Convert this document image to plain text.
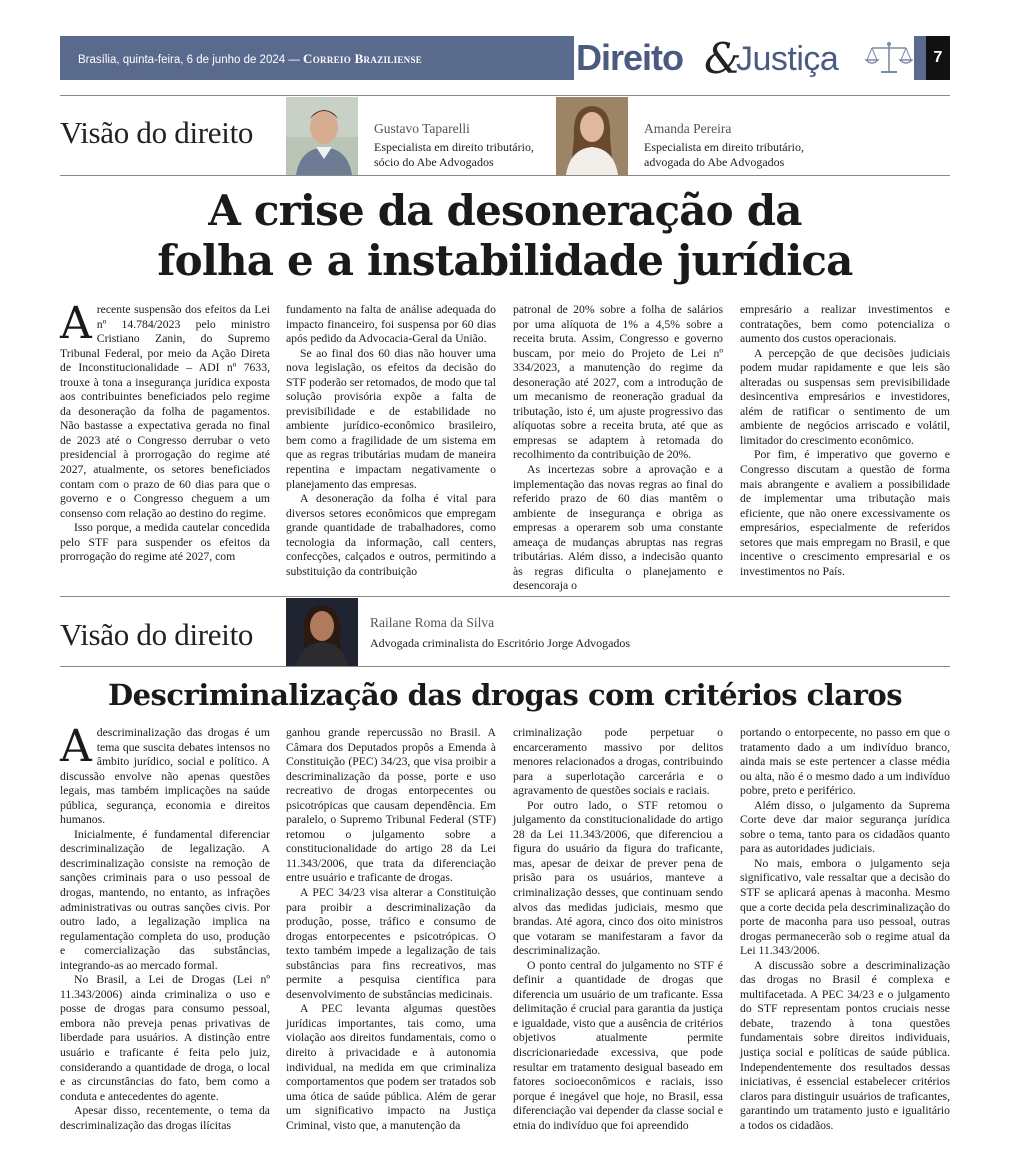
Brasília, quinta-feira, 6 de junho de 2024 — Correio Braziliense	Direito &
Justiça	7
Visão do direito	Gustavo Taparelli
Especialista em direito tributário,
sócio do Abe Advogados
Amanda Pereira
Especialista em direito tributário,
advogada do Abe Advogados
A crise da desoneração da
folha e a instabilidade jurídica

A recente suspensão dos efeitos da Lei nº 14.784/2023 pelo ministro Cristiano Zanin, do Supremo Tribunal Federal, por meio da Ação Direta de Inconstitucionalidade – ADI nº 7633, trouxe à tona a insegurança jurídica exposta aos contribuintes beneficiados pelo regime da desoneração da folha de pagamentos. Não bastasse a expectativa gerada no final de 2023 até o Congresso derrubar o veto presidencial à prorrogação do regime até 2027, atualmente, os setores beneficiados contam com o prazo de 60 dias para que o governo e o Congresso cheguem a um consenso com relação ao destino do regime.

Isso porque, a medida cautelar concedida pelo STF para suspender os efeitos da prorrogação do regime até 2027, com

fundamento na falta de análise adequada do impacto financeiro, foi suspensa por 60 dias após pedido da Advocacia-Geral da União.

Se ao final dos 60 dias não houver uma nova legislação, os efeitos da decisão do STF poderão ser retomados, de modo que tal solução provisória expõe a falta de previsibilidade e de estabilidade no ambiente jurídico-econômico brasileiro, bem como a fragilidade de um sistema em que as regras tributárias mudam de maneira repentina e impactam negativamente o planejamento das empresas.

A desoneração da folha é vital para diversos setores econômicos que empregam grande quantidade de trabalhadores, como tecnologia da informação, call centers, confecções, calçados e outros, permitindo a substituição da contribuição

patronal de 20% sobre a folha de salários por uma alíquota de 1% a 4,5% sobre a receita bruta. Assim, Congresso e governo buscam, por meio do Projeto de Lei nº 334/2023, a manutenção do regime da desoneração até 2027, com a introdução de um mecanismo de reoneração gradual da tributação, isto é, um ajuste progressivo das alíquotas sobre a receita bruta, até que as empresas se adaptem à retomada do recolhimento da contribuição de 20%.

As incertezas sobre a aprovação e a implementação das novas regras ao final do referido prazo de 60 dias mantêm o ambiente de insegurança e obriga as empresas a operarem sob uma constante ameaça de mudanças abruptas nas regras tributárias. Além disso, a indecisão quanto às regras dificulta o planejamento e desencoraja o

empresário a realizar investimentos e contratações, bem como potencializa o aumento dos custos operacionais.

A percepção de que decisões judiciais podem mudar rapidamente e que leis são alteradas ou suspensas sem previsibilidade desincentiva empresários e investidores, além de ratificar o sentimento de um ambiente de negócios arriscado e volátil, limitador do crescimento econômico.

Por fim, é imperativo que governo e Congresso discutam a questão de forma mais abrangente e avaliem a possibilidade de implementar uma tributação mais eficiente, que não onere excessivamente os empresários, especialmente de referidos setores que mais empregam no Brasil, e que incentive o crescimento empresarial e os investimentos no País.

Visão do direito	Railane Roma da Silva
Advogada criminalista do Escritório Jorge Advogados
Descriminalização das drogas com critérios claros

A descriminalização das drogas é um tema que suscita debates intensos no âmbito jurídico, social e político. A discussão envolve não apenas questões legais, mas também implicações na saúde pública, segurança, economia e direitos humanos.

Inicialmente, é fundamental diferenciar descriminalização de legalização. A descriminalização consiste na remoção de sanções criminais para o uso pessoal de drogas, mantendo, no entanto, as infrações administrativas ou outras sanções civis. Por outro lado, a legalização implica na regulamentação completa do uso, produção e comercialização das substâncias, integrando-as ao mercado formal.

No Brasil, a Lei de Drogas (Lei nº 11.343/2006) ainda criminaliza o uso e posse de drogas para consumo pessoal, embora não preveja penas privativas de liberdade para usuários. A distinção entre usuário e traficante é feita pelo juiz, considerando a quantidade de droga, o local e as circunstâncias do fato, bem como a conduta e antecedentes do agente.

Apesar disso, recentemente, o tema da descriminalização das drogas ilícitas

ganhou grande repercussão no Brasil. A Câmara dos Deputados propôs a Emenda à Constituição (PEC) 34/23, que visa proibir a descriminalização da posse, porte e uso recreativo de drogas entorpecentes ou psicotrópicas que causam dependência. Em paralelo, o Supremo Tribunal Federal (STF) retomou o julgamento sobre a constitucionalidade do artigo 28 da Lei 11.343/2006, que trata da diferenciação entre usuário e traficante de drogas.

A PEC 34/23 visa alterar a Constituição para proibir a descriminalização da produção, posse, tráfico e consumo de drogas entorpecentes e psicotrópicas. O texto também impede a legalização de tais substâncias para fins recreativos, mas permite a pesquisa científica para desenvolvimento de substâncias medicinais.

A PEC levanta algumas questões jurídicas importantes, tais como, uma violação aos direitos fundamentais, como o direito à privacidade e à autonomia individual, na medida em que criminaliza comportamentos que podem ser tratados sob uma ótica de saúde pública. Além de gerar um significativo impacto na Justiça Criminal, visto que, a manutenção da

criminalização pode perpetuar o encarceramento massivo por delitos menores relacionados a drogas, contribuindo para a superlotação carcerária e o agravamento de questões sociais e raciais.

Por outro lado, o STF retomou o julgamento da constitucionalidade do artigo 28 da Lei 11.343/2006, que diferenciou a figura do usuário da figura do traficante, mas, apesar de deixar de prever pena de prisão para os usuários, manteve a criminalização desses, que continuam sendo alvos das medidas judiciais, mesmo que brandas. Até agora, cinco dos oito ministros que votaram se manifestaram a favor da descriminalização.

O ponto central do julgamento no STF é definir a quantidade de drogas que diferencia um usuário de um traficante. Essa delimitação é crucial para garantia da justiça e igualdade, visto que a ausência de critérios objetivos atualmente permite discricionariedade excessiva, que pode resultar em tratamento desigual baseado em fatores socioeconômicos e raciais, isso porque é inegável que hoje, no Brasil, essa diferenciação vai depender da classe social e etnia do indivíduo que foi apreendido

portando o entorpecente, no passo em que o tratamento dado a um indivíduo branco, ainda mais se este pertencer a classe média ou alta, não é o mesmo dado a um indivíduo pobre, preto e periférico.

Além disso, o julgamento da Suprema Corte deve dar maior segurança jurídica sobre o tema, tanto para os cidadãos quanto para as autoridades judiciais.

No mais, embora o julgamento seja significativo, vale ressaltar que a decisão do STF se aplicará apenas à maconha. Mesmo que a corte decida pela descriminalização do porte de maconha para uso pessoal, outras drogas permanecerão sob o regime atual da Lei 11.343/2006.

A discussão sobre a descriminalização das drogas no Brasil é complexa e multifacetada. A PEC 34/23 e o julgamento do STF representam pontos cruciais nesse debate, trazendo à tona questões fundamentais sobre direitos individuais, justiça social e políticas de saúde pública. Independentemente dos resultados dessas iniciativas, é essencial estabelecer critérios claros para distinguir usuários de traficantes, garantindo um tratamento justo e igualitário a todos os cidadãos.
